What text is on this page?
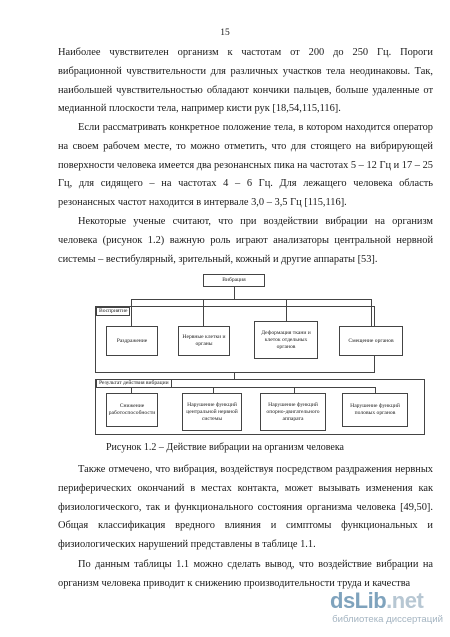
15

Наиболее чувствителен организм к частотам от 200 до 250 Гц. Пороги вибрационной чувствительности для различных участков тела неодинаковы. Так, наибольшей чувствительностью обладают кончики пальцев, больше удаленные от медианной плоскости тела, например кисти рук [18,54,115,116].

Если рассматривать конкретное положение тела, в котором находится оператор на своем рабочем месте, то можно отметить, что для стоящего на вибрирующей поверхности человека имеется два резонансных пика на частотах 5 – 12 Гц и 17 – 25 Гц, для сидящего – на частотах 4 – 6 Гц. Для лежащего человека область резонансных частот находится в интервале 3,0 – 3,5 Гц [115,116].

Некоторые ученые считают, что при воздействии вибрации на организм человека (рисунок 1.2) важную роль играют анализаторы центральной нервной системы – вестибулярный, зрительный, кожный и другие аппараты [53].

Вибрация
Восприятие
Раздражение
Нервные клетки и органы
Деформация ткани и клеток отдельных органов
Смещение органов
Результат действия вибрации
Снижение работоспособности
Нарушение функций центральной нервной системы
Нарушение функций опорно-двигательного аппарата
Нарушение функций половых органов
Рисунок 1.2 – Действие вибрации на организм человека

Также отмечено, что вибрация, воздействуя посредством раздражения нервных периферических окончаний в местах контакта, может вызывать изменения как физиологического, так и функционального состояния организма человека [49,50]. Общая классификация вредного влияния и симптомы функциональных и физиологических нарушений представлены в таблице 1.1.

По данным таблицы 1.1 можно сделать вывод, что воздействие вибрации на организм человека приводит к снижению производительности труда и качества

dsLib.net
библиотека диссертаций
